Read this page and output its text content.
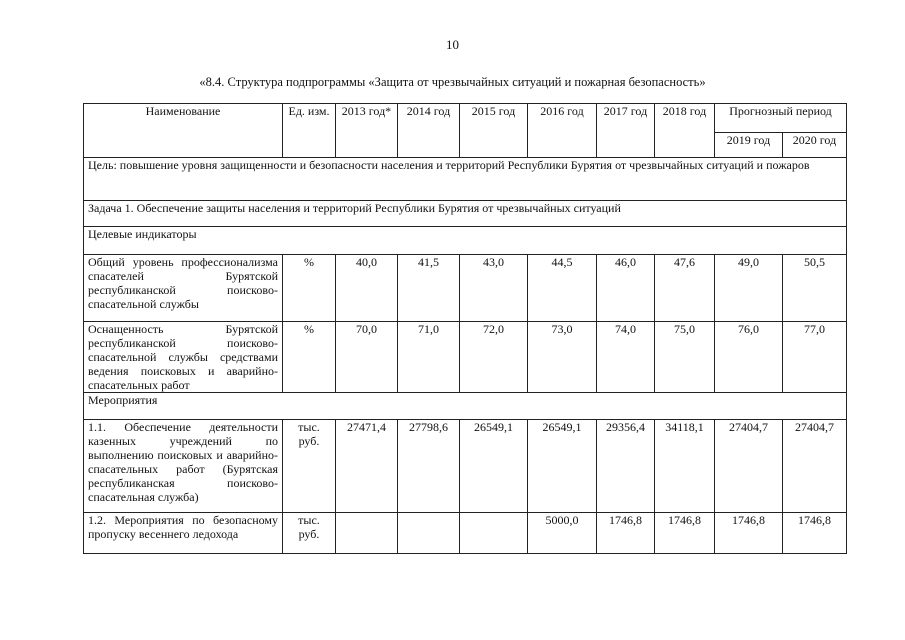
10
«8.4. Структура подпрограммы «Защита от чрезвычайных ситуаций и пожарная безопасность»
Наименование	Ед. изм.	2013 год*	2014 год	2015 год	2016 год	2017 год	2018 год	Прогнозный период	
								2019 год	2020 год
Цель: повышение уровня защищенности и безопасности населения и территорий Республики Бурятия от чрезвычайных ситуаций и пожаров									
Задача 1. Обеспечение защиты населения и территорий Республики Бурятия от чрезвычайных ситуаций									
Целевые индикаторы									
Общий уровень профессионализма спасателей Бурятской республиканской поисково-спасательной службы	%	40,0	41,5	43,0	44,5	46,0	47,6	49,0	50,5
Оснащенность Бурятской республиканской поисково-спасательной службы средствами ведения поисковых и аварийно-спасательных работ	%	70,0	71,0	72,0	73,0	74,0	75,0	76,0	77,0
Мероприятия									
1.1. Обеспечение деятельности казенных учреждений по выполнению поисковых и аварийно-спасательных работ (Бурятская республиканская поисково-спасательная служба)	тыс. руб.	27471,4	27798,6	26549,1	26549,1	29356,4	34118,1	27404,7	27404,7
1.2. Мероприятия по безопасному пропуску весеннего ледохода	тыс. руб.				5000,0	1746,8	1746,8	1746,8	1746,8
